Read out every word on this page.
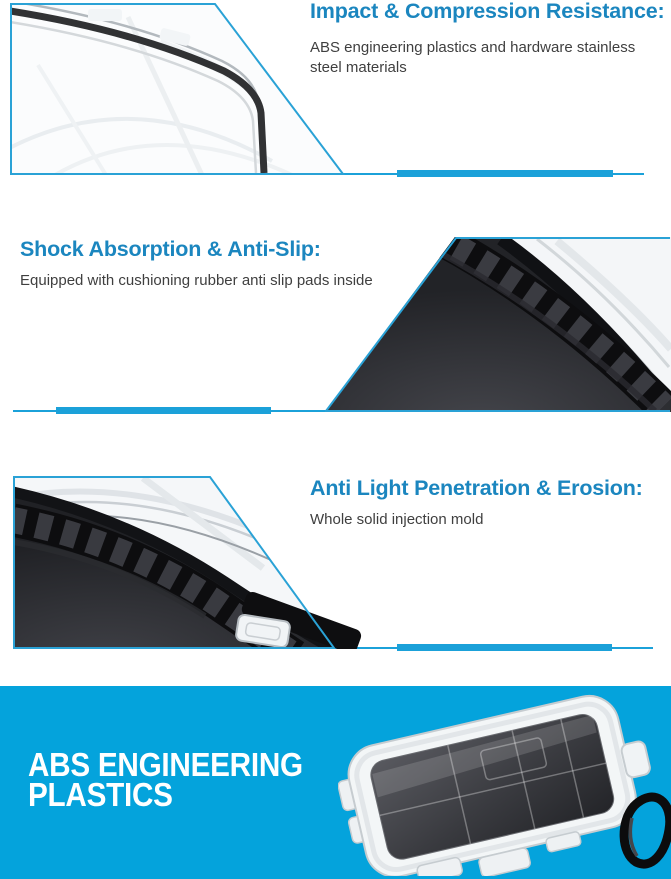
Impact & Compression Resistance:

ABS engineering plastics and hardware stainless steel materials

Shock Absorption & Anti-Slip:

Equipped with cushioning rubber anti slip pads inside

Anti Light Penetration & Erosion:

Whole solid injection mold

ABS ENGINEERING
PLASTICS
